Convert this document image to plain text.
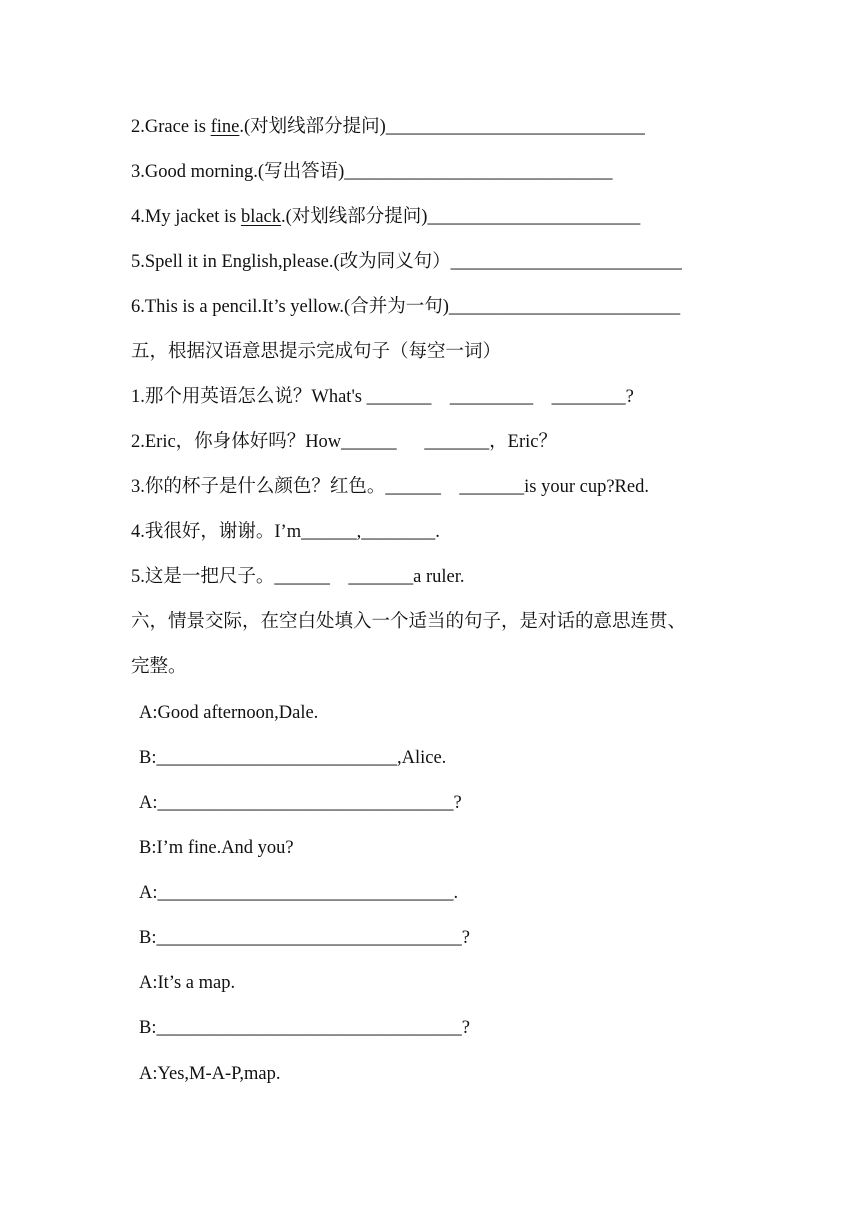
2.Grace is fine.(对划线部分提问)____________________________
3.Good morning.(写出答语)_____________________________
4.My jacket is black.(对划线部分提问)_______________________
5.Spell it in English,please.(改为同义句）_________________________
6.This is a pencil.It’s yellow.(合并为一句)_________________________
五，根据汉语意思提示完成句子（每空一词）
1.那个用英语怎么说？What's _______    _________    ________?
2.Eric，你身体好吗？How______      _______，Eric？
3.你的杯子是什么颜色？红色。______    _______is your cup?Red.
4.我很好，谢谢。I’m______,________.
5.这是一把尺子。______    _______a ruler.
六，情景交际，在空白处填入一个适当的句子，是对话的意思连贯、
完整。
A:Good afternoon,Dale.
B:__________________________,Alice.
A:________________________________?
B:I’m fine.And you?
A:________________________________.
B:_________________________________?
A:It’s a map.
B:_________________________________?
A:Yes,M-A-P,map.
